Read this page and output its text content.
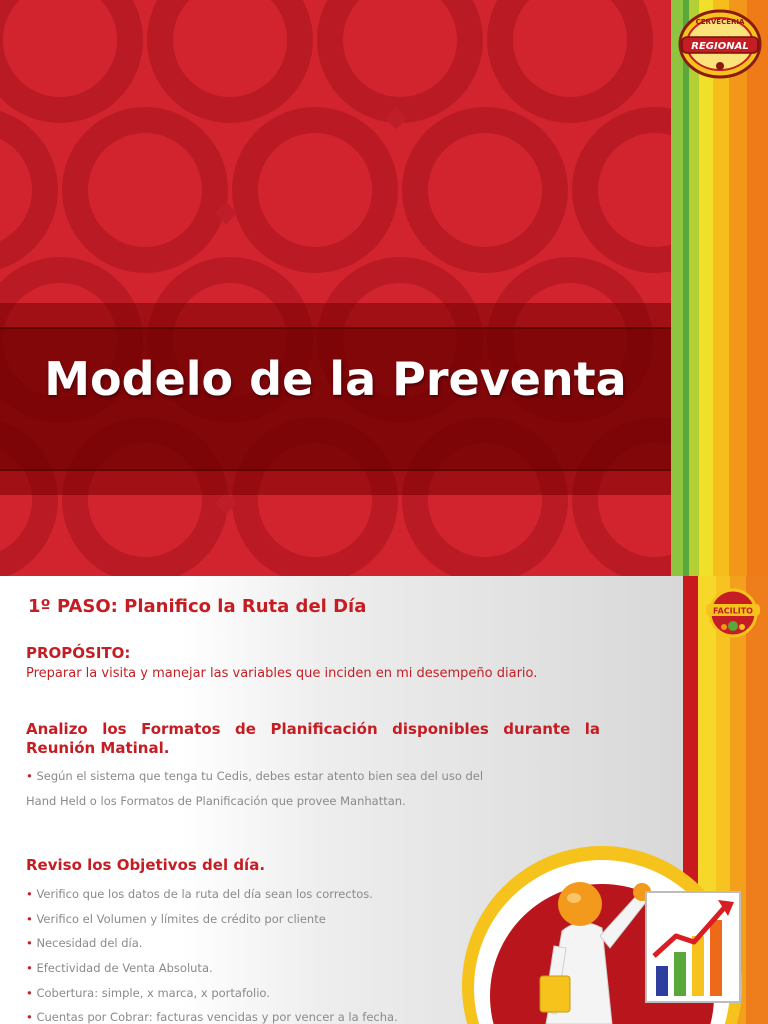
Modelo de la Preventa
CERVECERIA
REGIONAL
FACILITO
1º PASO: Planifico la Ruta del Día
PROPÓSITO:
Preparar la visita y manejar las variables que inciden en mi desempeño diario.
Analizo los Formatos de Planificación disponibles durante la Reunión Matinal.
• Según el sistema que tenga tu Cedis, debes estar atento bien sea del uso del
Hand Held o los Formatos de Planificación que provee Manhattan.
Reviso los Objetivos del día.
• Verifico que los datos de la ruta del día sean los correctos.
• Verifico el Volumen y límites de crédito por cliente
• Necesidad del día.
• Efectividad de Venta Absoluta.
• Cobertura: simple, x marca, x portafolio.
• Cuentas por Cobrar: facturas vencidas y por vencer a la fecha.
